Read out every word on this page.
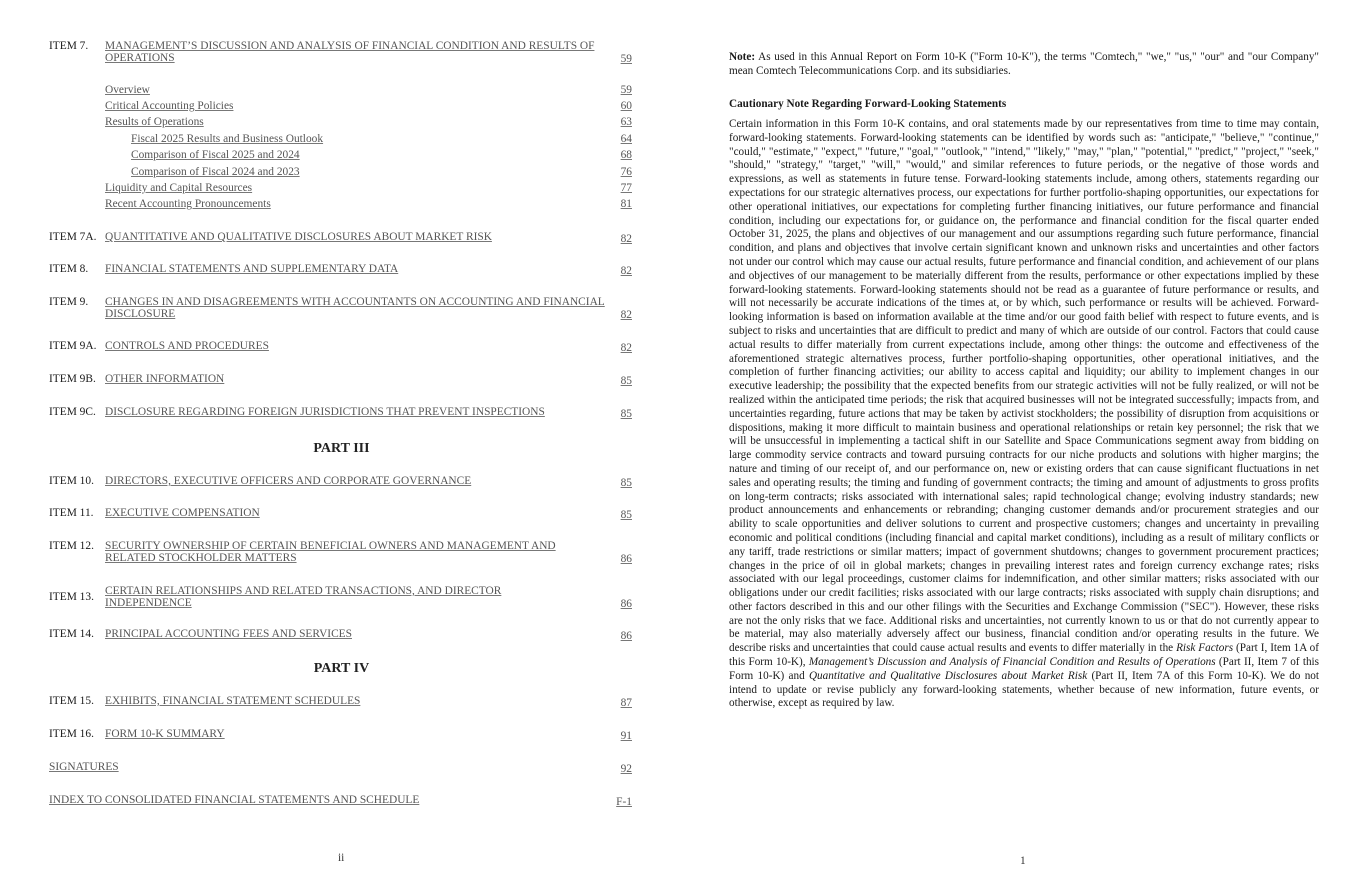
ITEM 7. MANAGEMENT’S DISCUSSION AND ANALYSIS OF FINANCIAL CONDITION AND RESULTS OF OPERATIONS	59
Overview	59
Critical Accounting Policies	60
Results of Operations	63
Fiscal 2025 Results and Business Outlook	64
Comparison of Fiscal 2025 and 2024	68
Comparison of Fiscal 2024 and 2023	76
Liquidity and Capital Resources	77
Recent Accounting Pronouncements	81
ITEM 7A. QUANTITATIVE AND QUALITATIVE DISCLOSURES ABOUT MARKET RISK	82
ITEM 8. FINANCIAL STATEMENTS AND SUPPLEMENTARY DATA	82
ITEM 9. CHANGES IN AND DISAGREEMENTS WITH ACCOUNTANTS ON ACCOUNTING AND FINANCIAL DISCLOSURE	82
ITEM 9A. CONTROLS AND PROCEDURES	82
ITEM 9B. OTHER INFORMATION	85
ITEM 9C. DISCLOSURE REGARDING FOREIGN JURISDICTIONS THAT PREVENT INSPECTIONS	85
PART III
ITEM 10. DIRECTORS, EXECUTIVE OFFICERS AND CORPORATE GOVERNANCE	85
ITEM 11. EXECUTIVE COMPENSATION	85
ITEM 12. SECURITY OWNERSHIP OF CERTAIN BENEFICIAL OWNERS AND MANAGEMENT AND RELATED STOCKHOLDER MATTERS	86
ITEM 13. CERTAIN RELATIONSHIPS AND RELATED TRANSACTIONS, AND DIRECTOR INDEPENDENCE	86
ITEM 14. PRINCIPAL ACCOUNTING FEES AND SERVICES	86
PART IV
ITEM 15. EXHIBITS, FINANCIAL STATEMENT SCHEDULES	87
ITEM 16. FORM 10-K SUMMARY	91
SIGNATURES	92
INDEX TO CONSOLIDATED FINANCIAL STATEMENTS AND SCHEDULE	F-1
ii

Note: As used in this Annual Report on Form 10-K ("Form 10-K"), the terms "Comtech," "we," "us," "our" and "our Company" mean Comtech Telecommunications Corp. and its subsidiaries.

Cautionary Note Regarding Forward-Looking Statements

Certain information in this Form 10-K contains, and oral statements made by our representatives from time to time may contain, forward-looking statements. Forward-looking statements can be identified by words such as: "anticipate," "believe," "continue," "could," "estimate," "expect," "future," "goal," "outlook," "intend," "likely," "may," "plan," "potential," "predict," "project," "seek," "should," "strategy," "target," "will," "would," and similar references to future periods, or the negative of those words and expressions, as well as statements in future tense. Forward-looking statements include, among others, statements regarding our expectations for our strategic alternatives process, our expectations for further portfolio-shaping opportunities, our expectations for other operational initiatives, our expectations for completing further financing initiatives, our future performance and financial condition, including our expectations for, or guidance on, the performance and financial condition for the fiscal quarter ended October 31, 2025, the plans and objectives of our management and our assumptions regarding such future performance, financial condition, and plans and objectives that involve certain significant known and unknown risks and uncertainties and other factors not under our control which may cause our actual results, future performance and financial condition, and achievement of our plans and objectives of our management to be materially different from the results, performance or other expectations implied by these forward-looking statements. Forward-looking statements should not be read as a guarantee of future performance or results, and will not necessarily be accurate indications of the times at, or by which, such performance or results will be achieved. Forward-looking information is based on information available at the time and/or our good faith belief with respect to future events, and is subject to risks and uncertainties that are difficult to predict and many of which are outside of our control. Factors that could cause actual results to differ materially from current expectations include, among other things: the outcome and effectiveness of the aforementioned strategic alternatives process, further portfolio-shaping opportunities, other operational initiatives, and the completion of further financing activities; our ability to access capital and liquidity; our ability to implement changes in our executive leadership; the possibility that the expected benefits from our strategic activities will not be fully realized, or will not be realized within the anticipated time periods; the risk that acquired businesses will not be integrated successfully; impacts from, and uncertainties regarding, future actions that may be taken by activist stockholders; the possibility of disruption from acquisitions or dispositions, making it more difficult to maintain business and operational relationships or retain key personnel; the risk that we will be unsuccessful in implementing a tactical shift in our Satellite and Space Communications segment away from bidding on large commodity service contracts and toward pursuing contracts for our niche products and solutions with higher margins; the nature and timing of our receipt of, and our performance on, new or existing orders that can cause significant fluctuations in net sales and operating results; the timing and funding of government contracts; the timing and amount of adjustments to gross profits on long-term contracts; risks associated with international sales; rapid technological change; evolving industry standards; new product announcements and enhancements or rebranding; changing customer demands and/or procurement strategies and our ability to scale opportunities and deliver solutions to current and prospective customers; changes and uncertainty in prevailing economic and political conditions (including financial and capital market conditions), including as a result of military conflicts or any tariff, trade restrictions or similar matters; impact of government shutdowns; changes to government procurement practices; changes in the price of oil in global markets; changes in prevailing interest rates and foreign currency exchange rates; risks associated with our legal proceedings, customer claims for indemnification, and other similar matters; risks associated with our obligations under our credit facilities; risks associated with our large contracts; risks associated with supply chain disruptions; and other factors described in this and our other filings with the Securities and Exchange Commission ("SEC"). However, these risks are not the only risks that we face. Additional risks and uncertainties, not currently known to us or that do not currently appear to be material, may also materially adversely affect our business, financial condition and/or operating results in the future. We describe risks and uncertainties that could cause actual results and events to differ materially in the Risk Factors (Part I, Item 1A of this Form 10-K), Management’s Discussion and Analysis of Financial Condition and Results of Operations (Part II, Item 7 of this Form 10-K) and Quantitative and Qualitative Disclosures about Market Risk (Part II, Item 7A of this Form 10-K). We do not intend to update or revise publicly any forward-looking statements, whether because of new information, future events, or otherwise, except as required by law.

1
